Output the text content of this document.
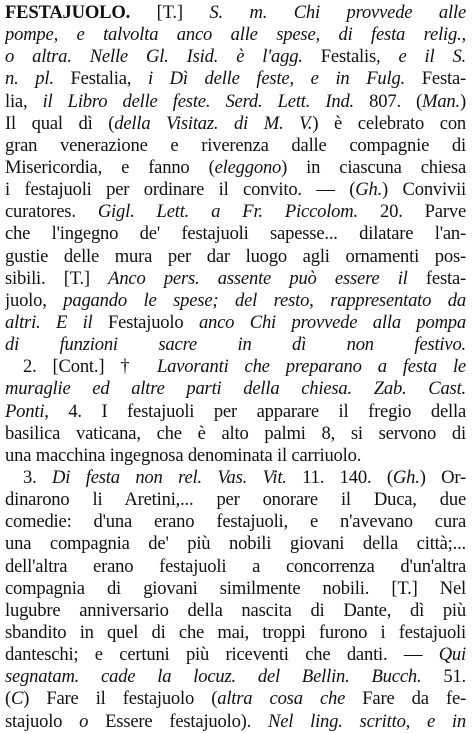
FESTAJUOLO. [T.] S. m. Chi provvede alle
pompe, e talvolta anco alle spese, di festa relig.,
o altra. Nelle Gl. Isid. è l'agg. Festalis, e il S.
n. pl. Festalia, i Dì delle feste, e in Fulg. Festa-
lia, il Libro delle feste. Serd. Lett. Ind. 807. (Man.)
Il qual dì (della Visitaz. di M. V.) è celebrato con
gran venerazione e riverenza dalle compagnie di
Misericordia, e fanno (eleggono) in ciascuna chiesa
i festajuoli per ordinare il convito. — (Gh.) Convivii
curatores. Gigl. Lett. a Fr. Piccolom. 20. Parve
che l'ingegno de' festajuoli sapesse... dilatare l'an-
gustie delle mura per dar luogo agli ornamenti pos-
sibili. [T.] Anco pers. assente può essere il festa-
juolo, pagando le spese; del resto, rappresentato da
altri. E il Festajuolo anco Chi provvede alla pompa
di funzioni sacre in dì non festivo.
2. [Cont.] † Lavoranti che preparano a festa le
muraglie ed altre parti della chiesa. Zab. Cast.
Ponti, 4. I festajuoli per apparare il fregio della
basilica vaticana, che è alto palmi 8, si servono di
una macchina ingegnosa denominata il carriuolo.
3. Di festa non rel. Vas. Vit. 11. 140. (Gh.) Or-
dinarono li Aretini,... per onorare il Duca, due
comedie: d'una erano festajuoli, e n'avevano cura
una compagnia de' più nobili giovani della città;...
dell'altra erano festajuoli a concorrenza d'un'altra
compagnia di giovani similmente nobili. [T.] Nel
lugubre anniversario della nascita di Dante, dì più
sbandito in quel di che mai, troppi furono i festajuoli
danteschi; e certuni più riceventi che danti. — Qui
segnatam. cade la locuz. del Bellin. Bucch. 51.
(C) Fare il festajuolo (altra cosa che Fare da fe-
stajuolo o Essere festajuolo). Nel ling. scritto, e in
